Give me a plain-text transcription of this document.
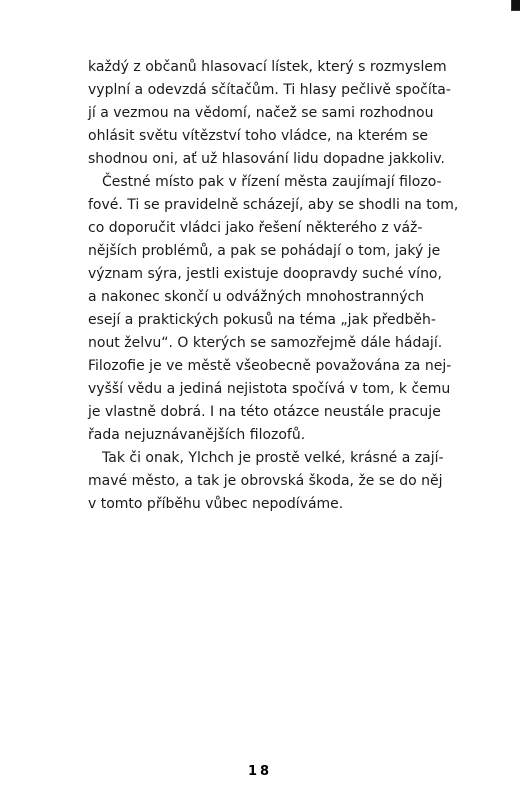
každý z občanů hlasovací lístek, který s rozmyslem
vyplní a odevzdá sčítačům. Ti hlasy pečlivě spočíta-
jí a vezmou na vědomí, načež se sami rozhodnou
ohlásit světu vítězství toho vládce, na kterém se
shodnou oni, ať už hlasování lidu dopadne jakkoliv.
Čestné místo pak v řízení města zaujímají filozo-
fové. Ti se pravidelně scházejí, aby se shodli na tom,
co doporučit vládci jako řešení některého z váž-
nějších problémů, a pak se pohádají o tom, jaký je
význam sýra, jestli existuje doopravdy suché víno,
a nakonec skončí u odvážných mnohostranných
esejí a praktických pokusů na téma „jak předběh-
nout želvu“. O kterých se samozřejmě dále hádají.
Filozofie je ve městě všeobecně považována za nej-
vyšší vědu a jediná nejistota spočívá v tom, k čemu
je vlastně dobrá. I na této otázce neustále pracuje
řada nejuznávanějších filozofů.
Tak či onak, Ylchch je prostě velké, krásné a zají-
mavé město, a tak je obrovská škoda, že se do něj
v tomto příběhu vůbec nepodíváme.
18
